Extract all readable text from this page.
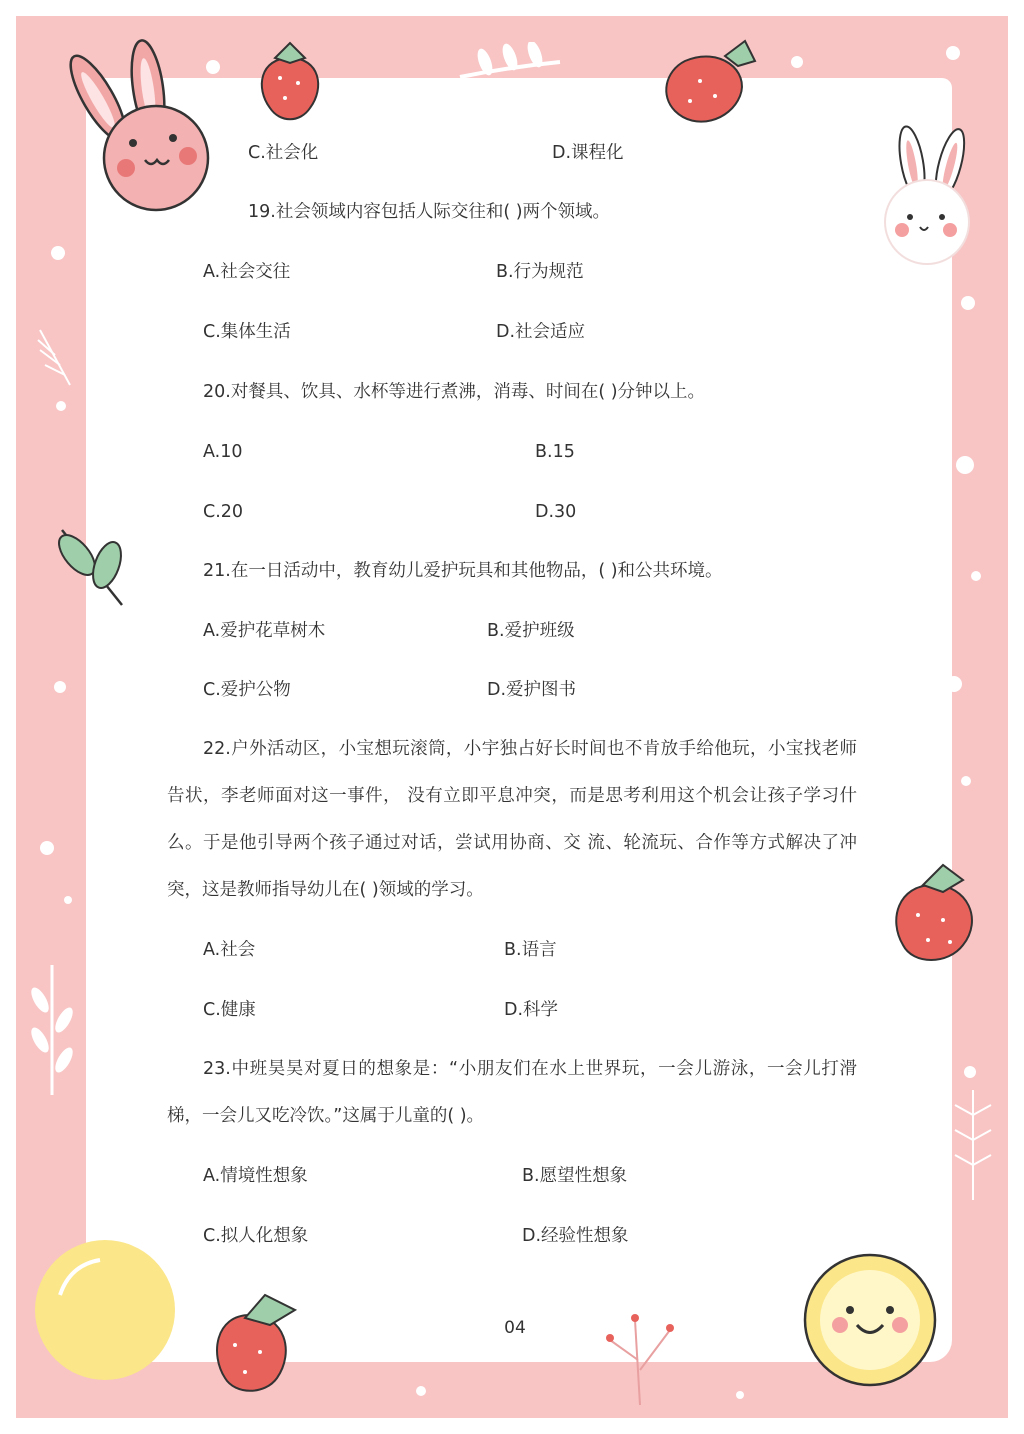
C.社会化	D.课程化
19.社会领域内容包括人际交往和( )两个领域。
A.社会交往	B.行为规范
C.集体生活	D.社会适应
20.对餐具、饮具、水杯等进行煮沸，消毒、时间在( )分钟以上。
A.10	B.15
C.20	D.30
21.在一日活动中，教育幼儿爱护玩具和其他物品，( )和公共环境。
A.爱护花草树木	B.爱护班级
C.爱护公物	D.爱护图书
22.户外活动区，小宝想玩滚筒，小宇独占好长时间也不肯放手给他玩，小宝找老师告状，李老师面对这一事件， 没有立即平息冲突，而是思考利用这个机会让孩子学习什么。于是他引导两个孩子通过对话，尝试用协商、交 流、轮流玩、合作等方式解决了冲突，这是教师指导幼儿在( )领域的学习。
A.社会	B.语言
C.健康	D.科学
23.中班昊昊对夏日的想象是：“小朋友们在水上世界玩，一会儿游泳，一会儿打滑梯，一会儿又吃冷饮。”这属于儿童的( )。
A.情境性想象	B.愿望性想象
C.拟人化想象	D.经验性想象
04
